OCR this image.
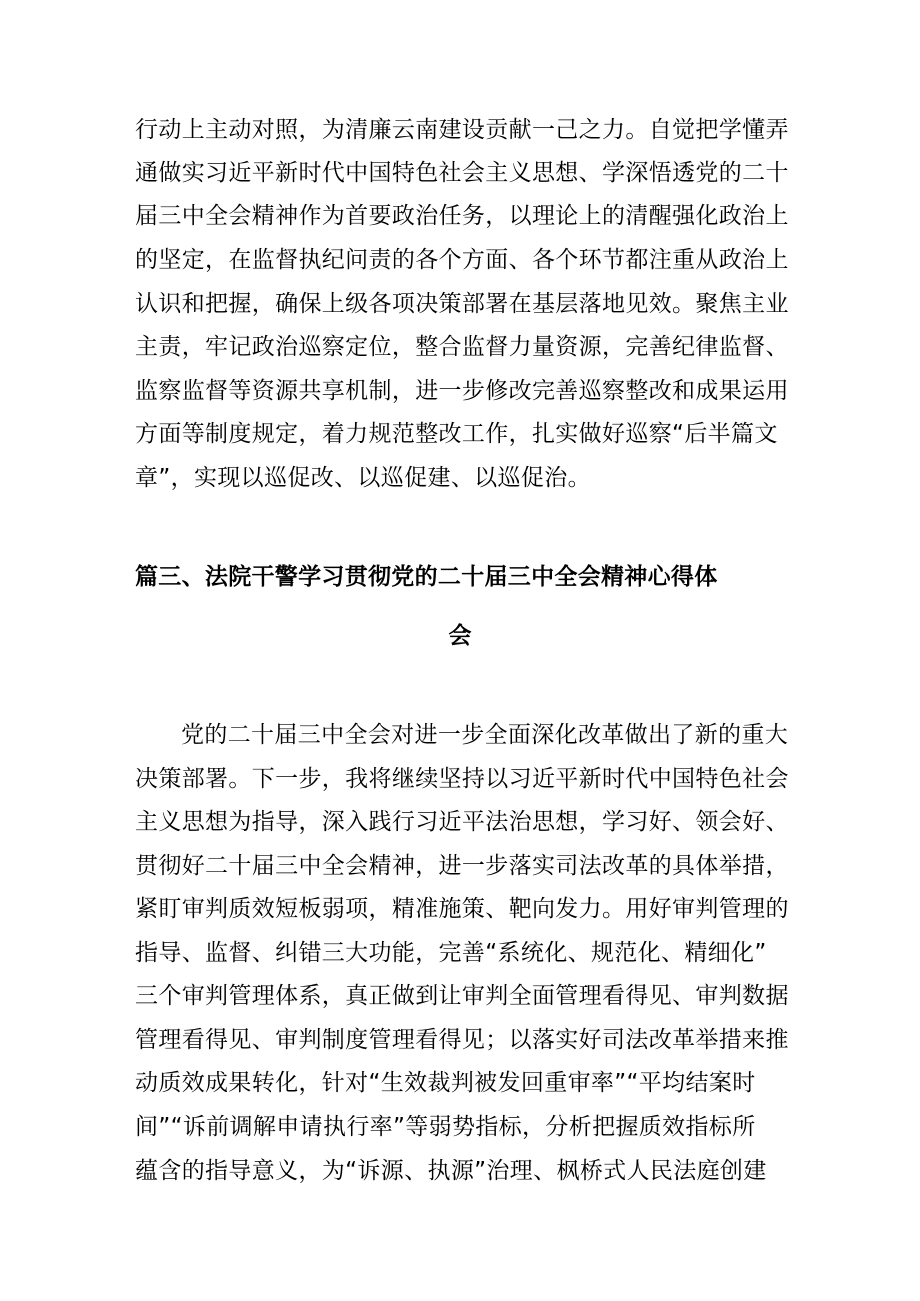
行动上主动对照，为清廉云南建设贡献一己之力。自觉把学懂弄
通做实习近平新时代中国特色社会主义思想、学深悟透党的二十
届三中全会精神作为首要政治任务，以理论上的清醒强化政治上
的坚定，在监督执纪问责的各个方面、各个环节都注重从政治上
认识和把握，确保上级各项决策部署在基层落地见效。聚焦主业
主责，牢记政治巡察定位，整合监督力量资源，完善纪律监督、
监察监督等资源共享机制，进一步修改完善巡察整改和成果运用
方面等制度规定，着力规范整改工作，扎实做好巡察“后半篇文
章”，实现以巡促改、以巡促建、以巡促治。
篇三、法院干警学习贯彻党的二十届三中全会精神心得体
会
党的二十届三中全会对进一步全面深化改革做出了新的重大
决策部署。下一步，我将继续坚持以习近平新时代中国特色社会
主义思想为指导，深入践行习近平法治思想，学习好、领会好、
贯彻好二十届三中全会精神，进一步落实司法改革的具体举措，
紧盯审判质效短板弱项，精准施策、靶向发力。用好审判管理的
指导、监督、纠错三大功能，完善“系统化、规范化、精细化”
三个审判管理体系，真正做到让审判全面管理看得见、审判数据
管理看得见、审判制度管理看得见；以落实好司法改革举措来推
动质效成果转化，针对“生效裁判被发回重审率”“平均结案时
间”“诉前调解申请执行率”等弱势指标，分析把握质效指标所
蕴含的指导意义，为“诉源、执源”治理、枫桥式人民法庭创建
